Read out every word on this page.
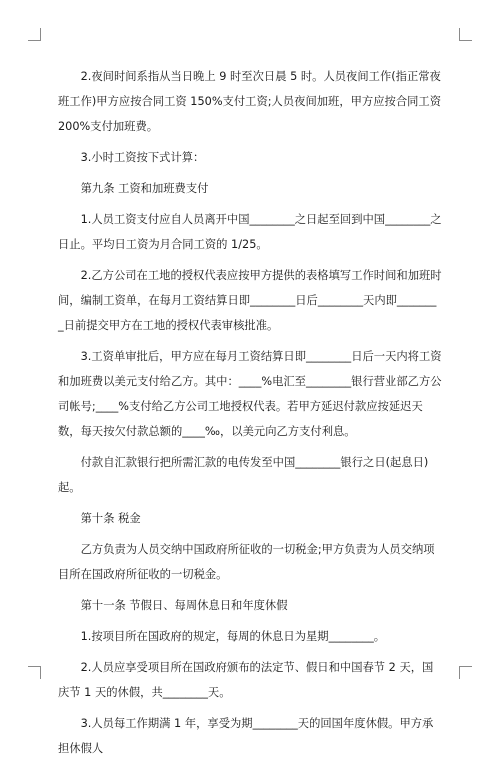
2.夜间时间系指从当日晚上 9 时至次日晨 5 时。人员夜间工作(指正常夜班工作)甲方应按合同工资 150%支付工资;人员夜间加班，甲方应按合同工资 200%支付加班费。

3.小时工资按下式计算：

第九条 工资和加班费支付

1.人员工资支付应自人员离开中国________之日起至回到中国________之日止。平均日工资为月合同工资的 1/25。

2.乙方公司在工地的授权代表应按甲方提供的表格填写工作时间和加班时间，编制工资单，在每月工资结算日即________日后________天内即________日前提交甲方在工地的授权代表审核批准。

3.工资单审批后，甲方应在每月工资结算日即________日后一天内将工资和加班费以美元支付给乙方。其中：____%电汇至________银行营业部乙方公司帐号;____%支付给乙方公司工地授权代表。若甲方延迟付款应按延迟天数，每天按欠付款总额的____‰，以美元向乙方支付利息。

付款自汇款银行把所需汇款的电传发至中国________银行之日(起息日)起。

第十条 税金

乙方负责为人员交纳中国政府所征收的一切税金;甲方负责为人员交纳项目所在国政府所征收的一切税金。

第十一条 节假日、每周休息日和年度休假

1.按项目所在国政府的规定，每周的休息日为星期________。

2.人员应享受项目所在国政府颁布的法定节、假日和中国春节 2 天，国庆节 1 天的休假，共________天。

3.人员每工作期满 1 年，享受为期________天的回国年度休假。甲方承担休假人
